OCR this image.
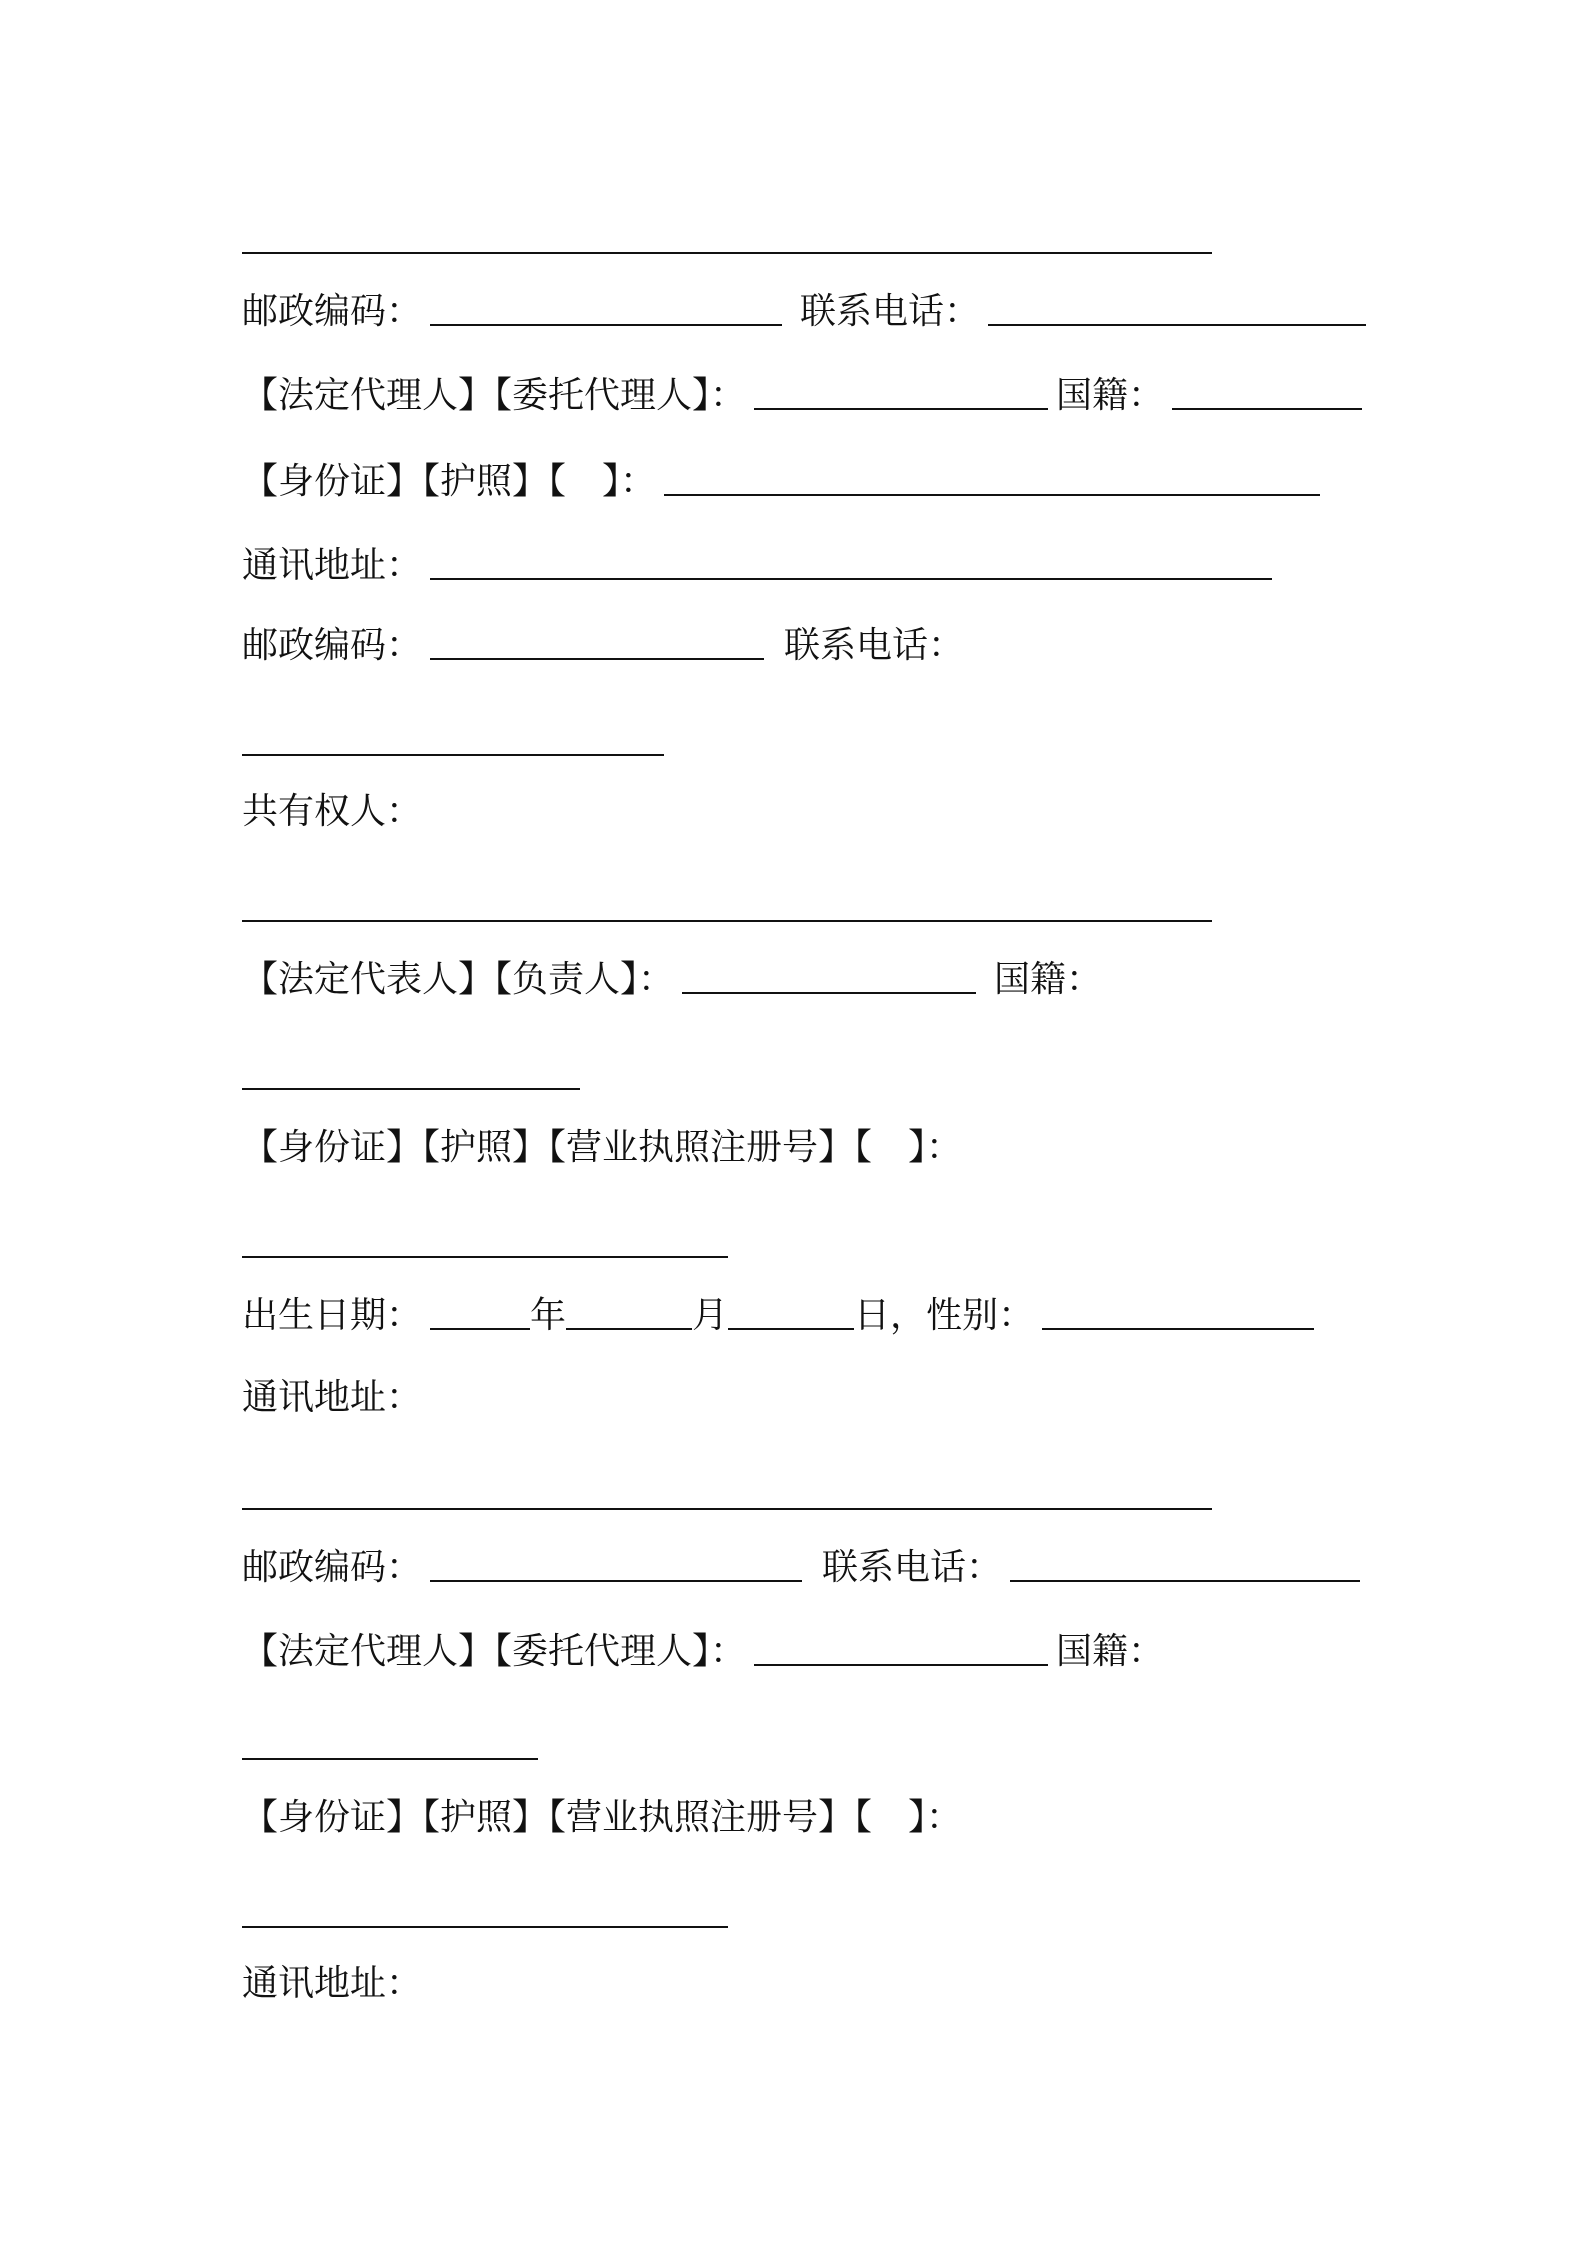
邮政编码：	联系电话：
【法定代理人】【委托代理人】：	国籍：
【身份证】【护照】【 】：
通讯地址：
邮政编码：	联系电话：
共有权人：
【法定代表人】【负责人】：	国籍：
【身份证】【护照】【营业执照注册号】【 】：
出生日期：	年	月	日， 性别：
通讯地址：
邮政编码：	联系电话：
【法定代理人】【委托代理人】：	国籍：
【身份证】【护照】【营业执照注册号】【 】：
通讯地址：
